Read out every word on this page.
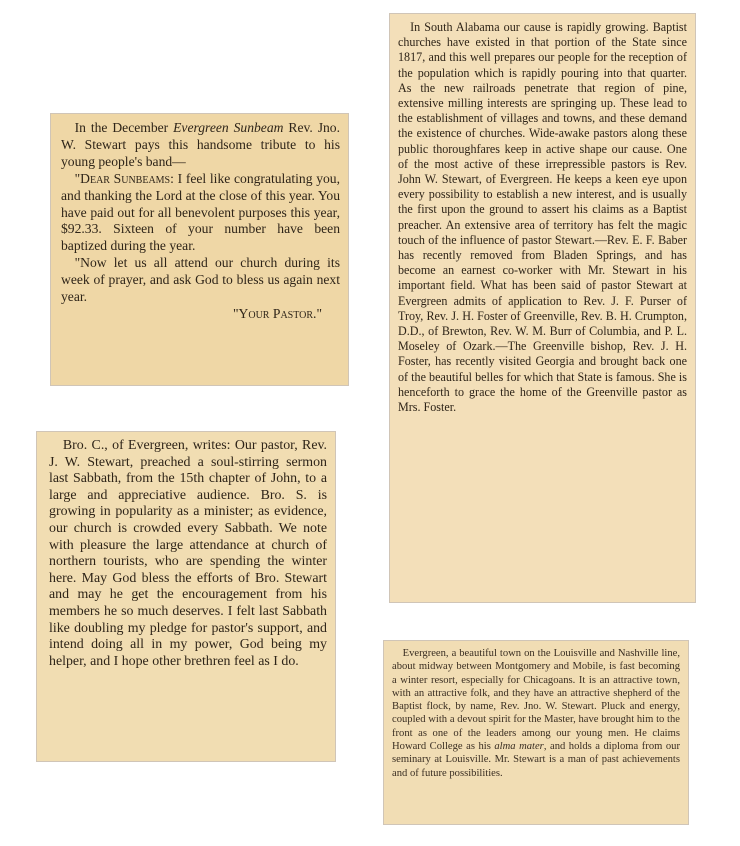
In the December Evergreen Sunbeam Rev. Jno. W. Stewart pays this handsome tribute to his young people's band—

"Dear Sunbeams: I feel like congratulating you, and thanking the Lord at the close of this year. You have paid out for all benevolent purposes this year, $92.33. Sixteen of your number have been baptized during the year.

"Now let us all attend our church during its week of prayer, and ask God to bless us again next year.

"Your Pastor."

Bro. C., of Evergreen, writes: Our pastor, Rev. J. W. Stewart, preached a soul-stirring sermon last Sabbath, from the 15th chapter of John, to a large and appreciative audience. Bro. S. is growing in popularity as a minister; as evidence, our church is crowded every Sabbath. We note with pleasure the large attendance at church of northern tourists, who are spending the winter here. May God bless the efforts of Bro. Stewart and may he get the encouragement from his members he so much deserves. I felt last Sabbath like doubling my pledge for pastor's support, and intend doing all in my power, God being my helper, and I hope other brethren feel as I do.

In South Alabama our cause is rapidly growing. Baptist churches have existed in that portion of the State since 1817, and this well prepares our people for the reception of the population which is rapidly pouring into that quarter. As the new railroads penetrate that region of pine, extensive milling interests are springing up. These lead to the establishment of villages and towns, and these demand the existence of churches. Wide-awake pastors along these public thoroughfares keep in active shape our cause. One of the most active of these irrepressible pastors is Rev. John W. Stewart, of Evergreen. He keeps a keen eye upon every possibility to establish a new interest, and is usually the first upon the ground to assert his claims as a Baptist preacher. An extensive area of territory has felt the magic touch of the influence of pastor Stewart.—Rev. E. F. Baber has recently removed from Bladen Springs, and has become an earnest co-worker with Mr. Stewart in his important field. What has been said of pastor Stewart at Evergreen admits of application to Rev. J. F. Purser of Troy, Rev. J. H. Foster of Greenville, Rev. B. H. Crumpton, D.D., of Brewton, Rev. W. M. Burr of Columbia, and P. L. Moseley of Ozark.—The Greenville bishop, Rev. J. H. Foster, has recently visited Georgia and brought back one of the beautiful belles for which that State is famous. She is henceforth to grace the home of the Greenville pastor as Mrs. Foster.

Evergreen, a beautiful town on the Louisville and Nashville line, about midway between Montgomery and Mobile, is fast becoming a winter resort, especially for Chicagoans. It is an attractive town, with an attractive folk, and they have an attractive shepherd of the Baptist flock, by name, Rev. Jno. W. Stewart. Pluck and energy, coupled with a devout spirit for the Master, have brought him to the front as one of the leaders among our young men. He claims Howard College as his alma mater, and holds a diploma from our seminary at Louisville. Mr. Stewart is a man of past achievements and of future possibilities.
